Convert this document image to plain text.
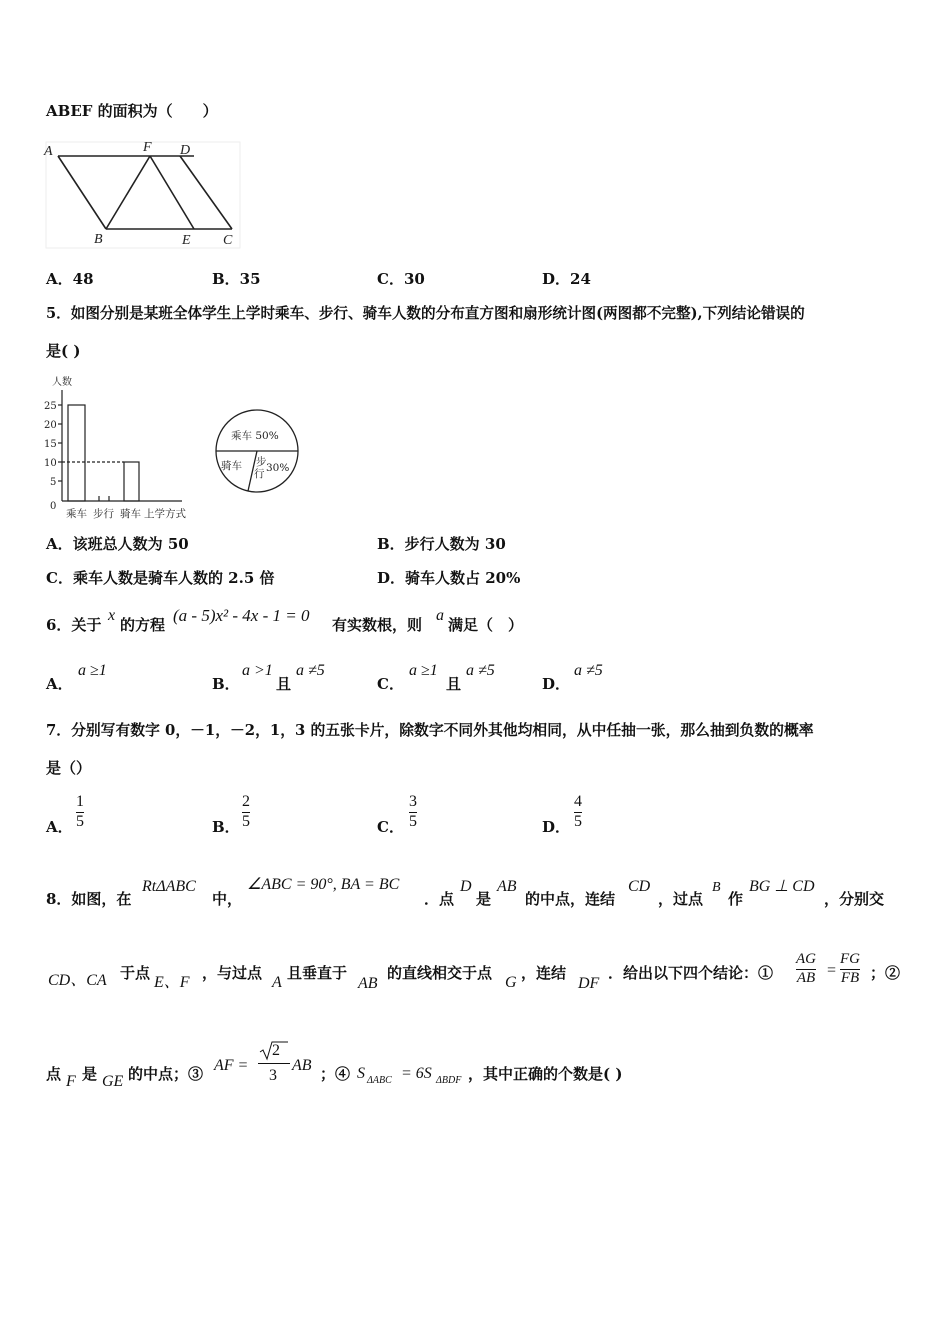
ABEF 的面积为（　　）
A	F D
B	E C
A．48	B．35	C．30	D．24
5．如图分别是某班全体学生上学时乘车、步行、骑车人数的分布直方图和扇形统计图(两图都不完整),下列结论错误的
是( )
人数
25
20
15
10
5
0
乘车 步行 骑车 上学方式
乘车 50%
骑车 步
行 30%
A．该班总人数为 50	B．步行人数为 30
C．乘车人数是骑车人数的 2.5 倍	D．骑车人数占 20%
6．关于
x
的方程 (a - 5)x² - 4x - 1 = 0 有实数根，则
a
满足（　）
A．
a ≥1
B．
a >1
且
a ≠5
C．
a ≥1
且
a ≠5
D．
a ≠5
7．分别写有数字 0，－1，－2，1，3 的五张卡片，除数字不同外其他均相同，从中任抽一张，那么抽到负数的概率
是（）
A．
1
5	B．
2
5	C．
3
5	D．
4
5
8．如图，在
RtΔABC
中，
∠ABC = 90°, BA = BC
．点
D
是
AB
的中点，连结
CD
，过点
B
作
BG ⊥ CD
，分别交
CD、CA 于点
E、F
，与过点
A
且垂直于
AB
的直线相交于点
G
，连结
DF
．给出以下四个结论：①
AG
AB =
FG
FB ；②
点 F 是 GE 的中点；③ AF =
2
3
AB ；④ S ΔABC = 6S ΔBDF ，其中正确的个数是( )
